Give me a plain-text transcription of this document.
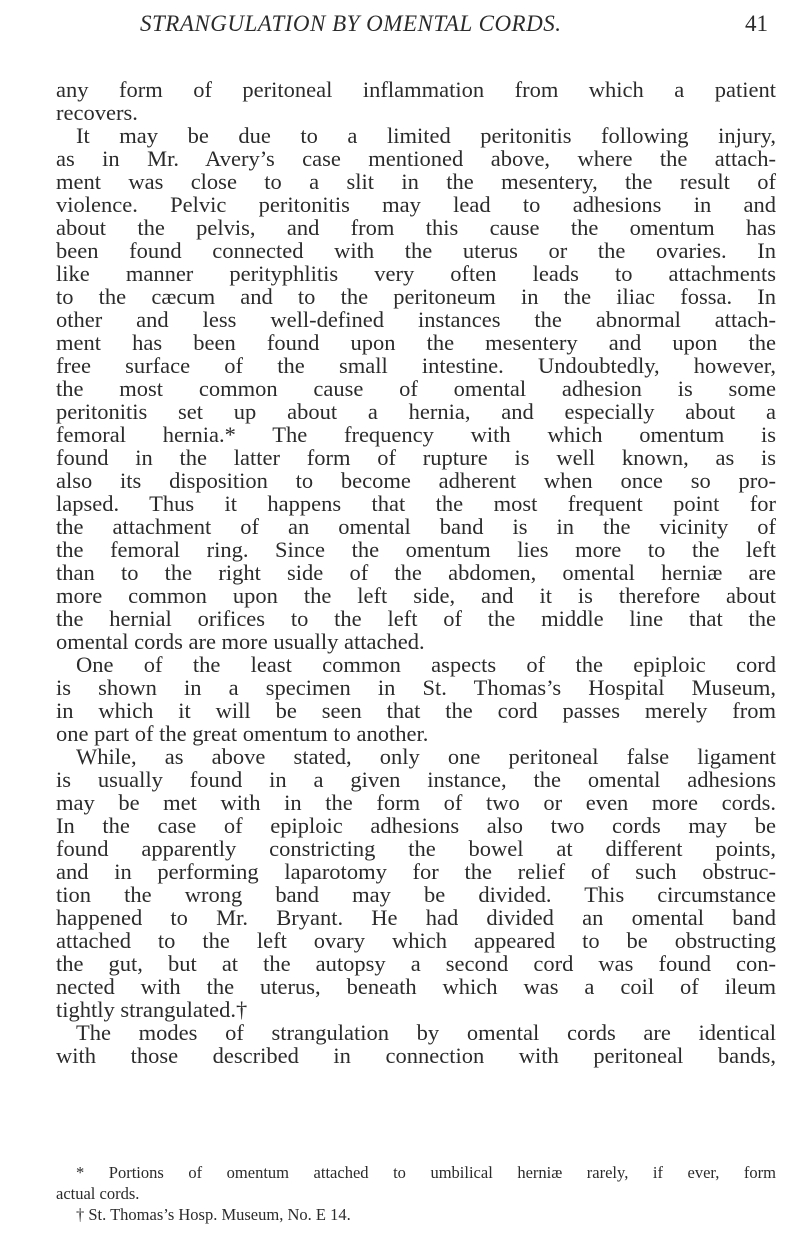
STRANGULATION BY OMENTAL CORDS.	41
any form of peritoneal inflammation from which a patient
recovers.
It may be due to a limited peritonitis following injury,
as in Mr. Avery’s case mentioned above, where the attach-
ment was close to a slit in the mesentery, the result of
violence. Pelvic peritonitis may lead to adhesions in and
about the pelvis, and from this cause the omentum has
been found connected with the uterus or the ovaries. In
like manner perityphlitis very often leads to attachments
to the cæcum and to the peritoneum in the iliac fossa. In
other and less well-defined instances the abnormal attach-
ment has been found upon the mesentery and upon the
free surface of the small intestine. Undoubtedly, however,
the most common cause of omental adhesion is some
peritonitis set up about a hernia, and especially about a
femoral hernia.* The frequency with which omentum is
found in the latter form of rupture is well known, as is
also its disposition to become adherent when once so pro-
lapsed. Thus it happens that the most frequent point for
the attachment of an omental band is in the vicinity of
the femoral ring. Since the omentum lies more to the left
than to the right side of the abdomen, omental herniæ are
more common upon the left side, and it is therefore about
the hernial orifices to the left of the middle line that the
omental cords are more usually attached.
One of the least common aspects of the epiploic cord
is shown in a specimen in St. Thomas’s Hospital Museum,
in which it will be seen that the cord passes merely from
one part of the great omentum to another.
While, as above stated, only one peritoneal false ligament
is usually found in a given instance, the omental adhesions
may be met with in the form of two or even more cords.
In the case of epiploic adhesions also two cords may be
found apparently constricting the bowel at different points,
and in performing laparotomy for the relief of such obstruc-
tion the wrong band may be divided. This circumstance
happened to Mr. Bryant. He had divided an omental band
attached to the left ovary which appeared to be obstructing
the gut, but at the autopsy a second cord was found con-
nected with the uterus, beneath which was a coil of ileum
tightly strangulated.†
The modes of strangulation by omental cords are identical
with those described in connection with peritoneal bands,
* Portions of omentum attached to umbilical herniæ rarely, if ever, form
actual cords.
† St. Thomas’s Hosp. Museum, No. E 14.
